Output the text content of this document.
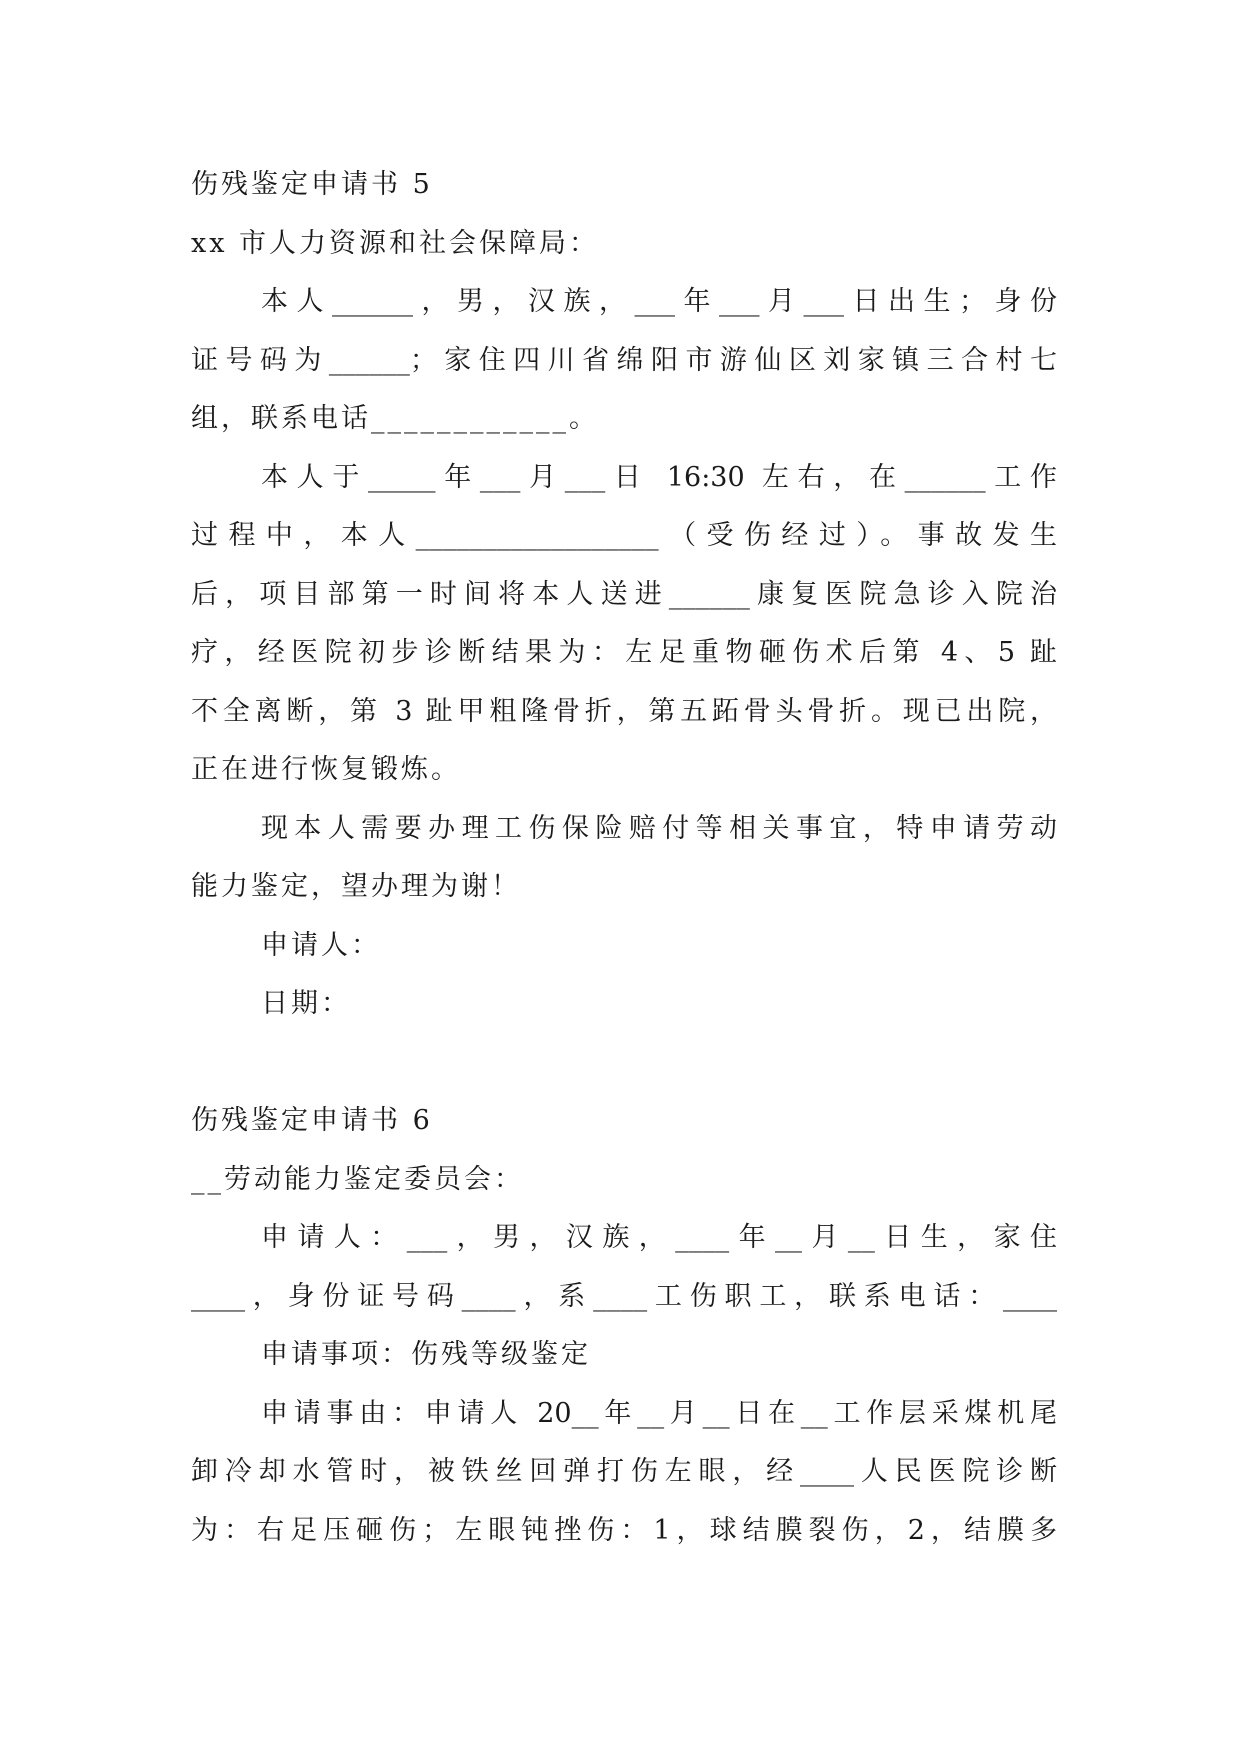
伤残鉴定申请书 5
xx 市人力资源和社会保障局：
本人______，男，汉族，___年___月___日出生；身份
证号码为______；家住四川省绵阳市游仙区刘家镇三合村七
组，联系电话____________。
本人于_____年___月___日 16:30 左右，在______工作
过程中，本人__________________（受伤经过）。事故发生
后，项目部第一时间将本人送进______康复医院急诊入院治
疗，经医院初步诊断结果为：左足重物砸伤术后第 4、5 趾
不全离断，第 3 趾甲粗隆骨折，第五跖骨头骨折。现已出院，
正在进行恢复锻炼。
现本人需要办理工伤保险赔付等相关事宜，特申请劳动
能力鉴定，望办理为谢！
申请人：
日期：
伤残鉴定申请书 6
__劳动能力鉴定委员会：
申请人：___，男，汉族，____年__月__日生，家住
____，身份证号码____，系____工伤职工，联系电话：____
申请事项：伤残等级鉴定
申请事由：申请人 20__年__月__日在__工作层采煤机尾
卸冷却水管时，被铁丝回弹打伤左眼，经____人民医院诊断
为：右足压砸伤；左眼钝挫伤：1，球结膜裂伤，2，结膜多
